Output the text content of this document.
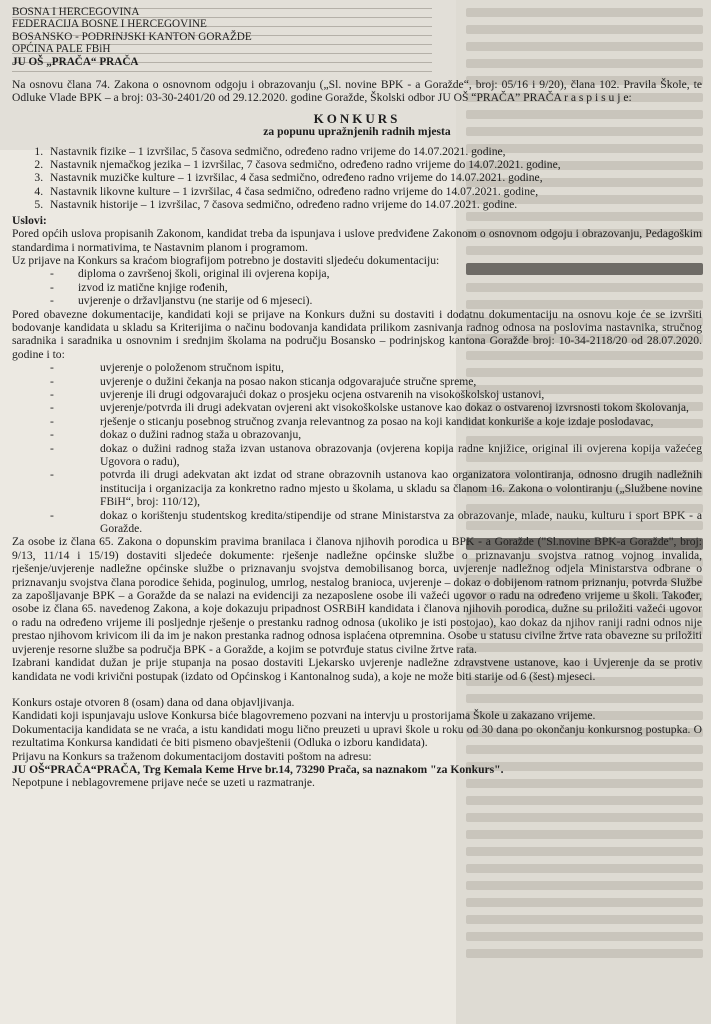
BOSNA I HERCEGOVINA
FEDERACIJA BOSNE I HERCEGOVINE
BOSANSKO - PODRINJSKI KANTON GORAŽDE
OPĆINA PALE FBiH
JU OŠ „PRAČA“ PRAČA

Na osnovu člana 74. Zakona o osnovnom odgoju i obrazovanju („Sl. novine BPK - a Goražde“, broj: 05/16 i 9/20), člana 102. Pravila Škole, te Odluke Vlade BPK – a broj: 03-30-2401/20 od 29.12.2020. godine Goražde, Školski odbor JU OŠ “PRAČA” PRAČA r a s p i s u j e:

KONKURS
za popunu upražnjenih radnih mjesta
1. Nastavnik fizike – 1 izvršilac, 5 časova sedmično, određeno radno vrijeme do 14.07.2021. godine,
2. Nastavnik njemačkog jezika – 1 izvršilac, 7 časova sedmično, određeno radno vrijeme do 14.07.2021. godine,
3. Nastavnik muzičke kulture – 1 izvršilac, 4 časa sedmično, određeno radno vrijeme do 14.07.2021. godine,
4. Nastavnik likovne kulture – 1 izvršilac, 4 časa sedmično, određeno radno vrijeme do 14.07.2021. godine,
5. Nastavnik historije – 1 izvršilac, 7 časova sedmično, određeno radno vrijeme do 14.07.2021. godine.
Uslovi:

Pored općih uslova propisanih Zakonom, kandidat treba da ispunjava i uslove predviđene Zakonom o osnovnom odgoju i obrazovanju, Pedagoškim standardima i normativima, te Nastavnim planom i programom.

Uz prijave na Konkurs sa kraćom biografijom potrebno je dostaviti sljedeću dokumentaciju:

- diploma o završenoj školi, original ili ovjerena kopija,
- izvod iz matične knjige rođenih,
- uvjerenje o državljanstvu (ne starije od 6 mjeseci).

Pored obavezne dokumentacije, kandidati koji se prijave na Konkurs dužni su dostaviti i dodatnu dokumentaciju na osnovu koje će se izvršiti bodovanje kandidata u skladu sa Kriterijima o načinu bodovanja kandidata prilikom zasnivanja radnog odnosa na poslovima nastavnika, stručnog saradnika i saradnika u osnovnim i srednjim školama na području Bosansko – podrinjskog kantona Goražde broj: 10-34-2118/20 od 28.07.2020. godine i to:

- uvjerenje o položenom stručnom ispitu,
- uvjerenje o dužini čekanja na posao nakon sticanja odgovarajuće stručne spreme,
- uvjerenje ili drugi odgovarajući dokaz o prosjeku ocjena ostvarenih na visokoškolskoj ustanovi,
- uvjerenje/potvrda ili drugi adekvatan ovjereni akt visokoškolske ustanove kao dokaz o ostvarenoj izvrsnosti tokom školovanja,
- rješenje o sticanju posebnog stručnog zvanja relevantnog za posao na koji kandidat konkuriše a koje izdaje poslodavac,
- dokaz o dužini radnog staža u obrazovanju,
- dokaz o dužini radnog staža izvan ustanova obrazovanja (ovjerena kopija radne knjižice, original ili ovjerena kopija važećeg Ugovora o radu),
- potvrda ili drugi adekvatan akt izdat od strane obrazovnih ustanova kao organizatora volontiranja, odnosno drugih nadležnih institucija i organizacija za konkretno radno mjesto u školama, u skladu sa članom 16. Zakona o volontiranju („Službene novine FBiH“, broj: 110/12),
- dokaz o korištenju studentskog kredita/stipendije od strane Ministarstva za obrazovanje, mlade, nauku, kulturu i sport BPK - a Goražde.

Za osobe iz člana 65. Zakona o dopunskim pravima branilaca i članova njihovih porodica u BPK - a Goražde ("Sl.novine BPK-a Goražde", broj: 9/13, 11/14 i 15/19) dostaviti sljedeće dokumente: rješenje nadležne općinske službe o priznavanju svojstva ratnog vojnog invalida, rješenje/uvjerenje nadležne općinske službe o priznavanju svojstva demobilisanog borca, uvjerenje nadležnog odjela Ministarstva odbrane o priznavanju svojstva člana porodice šehida, poginulog, umrlog, nestalog branioca, uvjerenje – dokaz o dobijenom ratnom priznanju, potvrda Službe za zapošljavanje BPK – a Goražde da se nalazi na evidenciji za nezaposlene osobe ili važeći ugovor o radu na određeno vrijeme u školi. Također, osobe iz člana 65. navedenog Zakona, a koje dokazuju pripadnost OSRBiH kandidata i članova njihovih porodica, dužne su priložiti važeći ugovor o radu na određeno vrijeme ili posljednje rješenje o prestanku radnog odnosa (ukoliko je isti postojao), kao dokaz da njihov raniji radni odnos nije prestao njihovom krivicom ili da im je nakon prestanka radnog odnosa isplaćena otpremnina. Osobe u statusu civilne žrtve rata obavezne su priložiti uvjerenje resorne službe sa područja BPK - a Goražde, a kojim se potvrđuje status civilne žrtve rata.

Izabrani kandidat dužan je prije stupanja na posao dostaviti Ljekarsko uvjerenje nadležne zdravstvene ustanove, kao i Uvjerenje da se protiv kandidata ne vodi krivični postupak (izdato od Općinskog i Kantonalnog suda), a koje ne može biti starije od 6 (šest) mjeseci.

Konkurs ostaje otvoren 8 (osam) dana od dana objavljivanja.

Kandidati koji ispunjavaju uslove Konkursa biće blagovremeno pozvani na intervju u prostorijama Škole u zakazano vrijeme.

Dokumentacija kandidata se ne vraća, a istu kandidati mogu lično preuzeti u upravi škole u roku od 30 dana po okončanju konkursnog postupka. O rezultatima Konkursa kandidati će biti pismeno obavještenii (Odluka o izboru kandidata).

Prijavu na Konkurs sa traženom dokumentacijom dostaviti poštom na adresu:

JU OŠ“PRAČA“PRAČA, Trg Kemala Keme Hrve br.14, 73290 Prača, sa naznakom "za Konkurs".

Nepotpune i neblagovremene prijave neće se uzeti u razmatranje.
